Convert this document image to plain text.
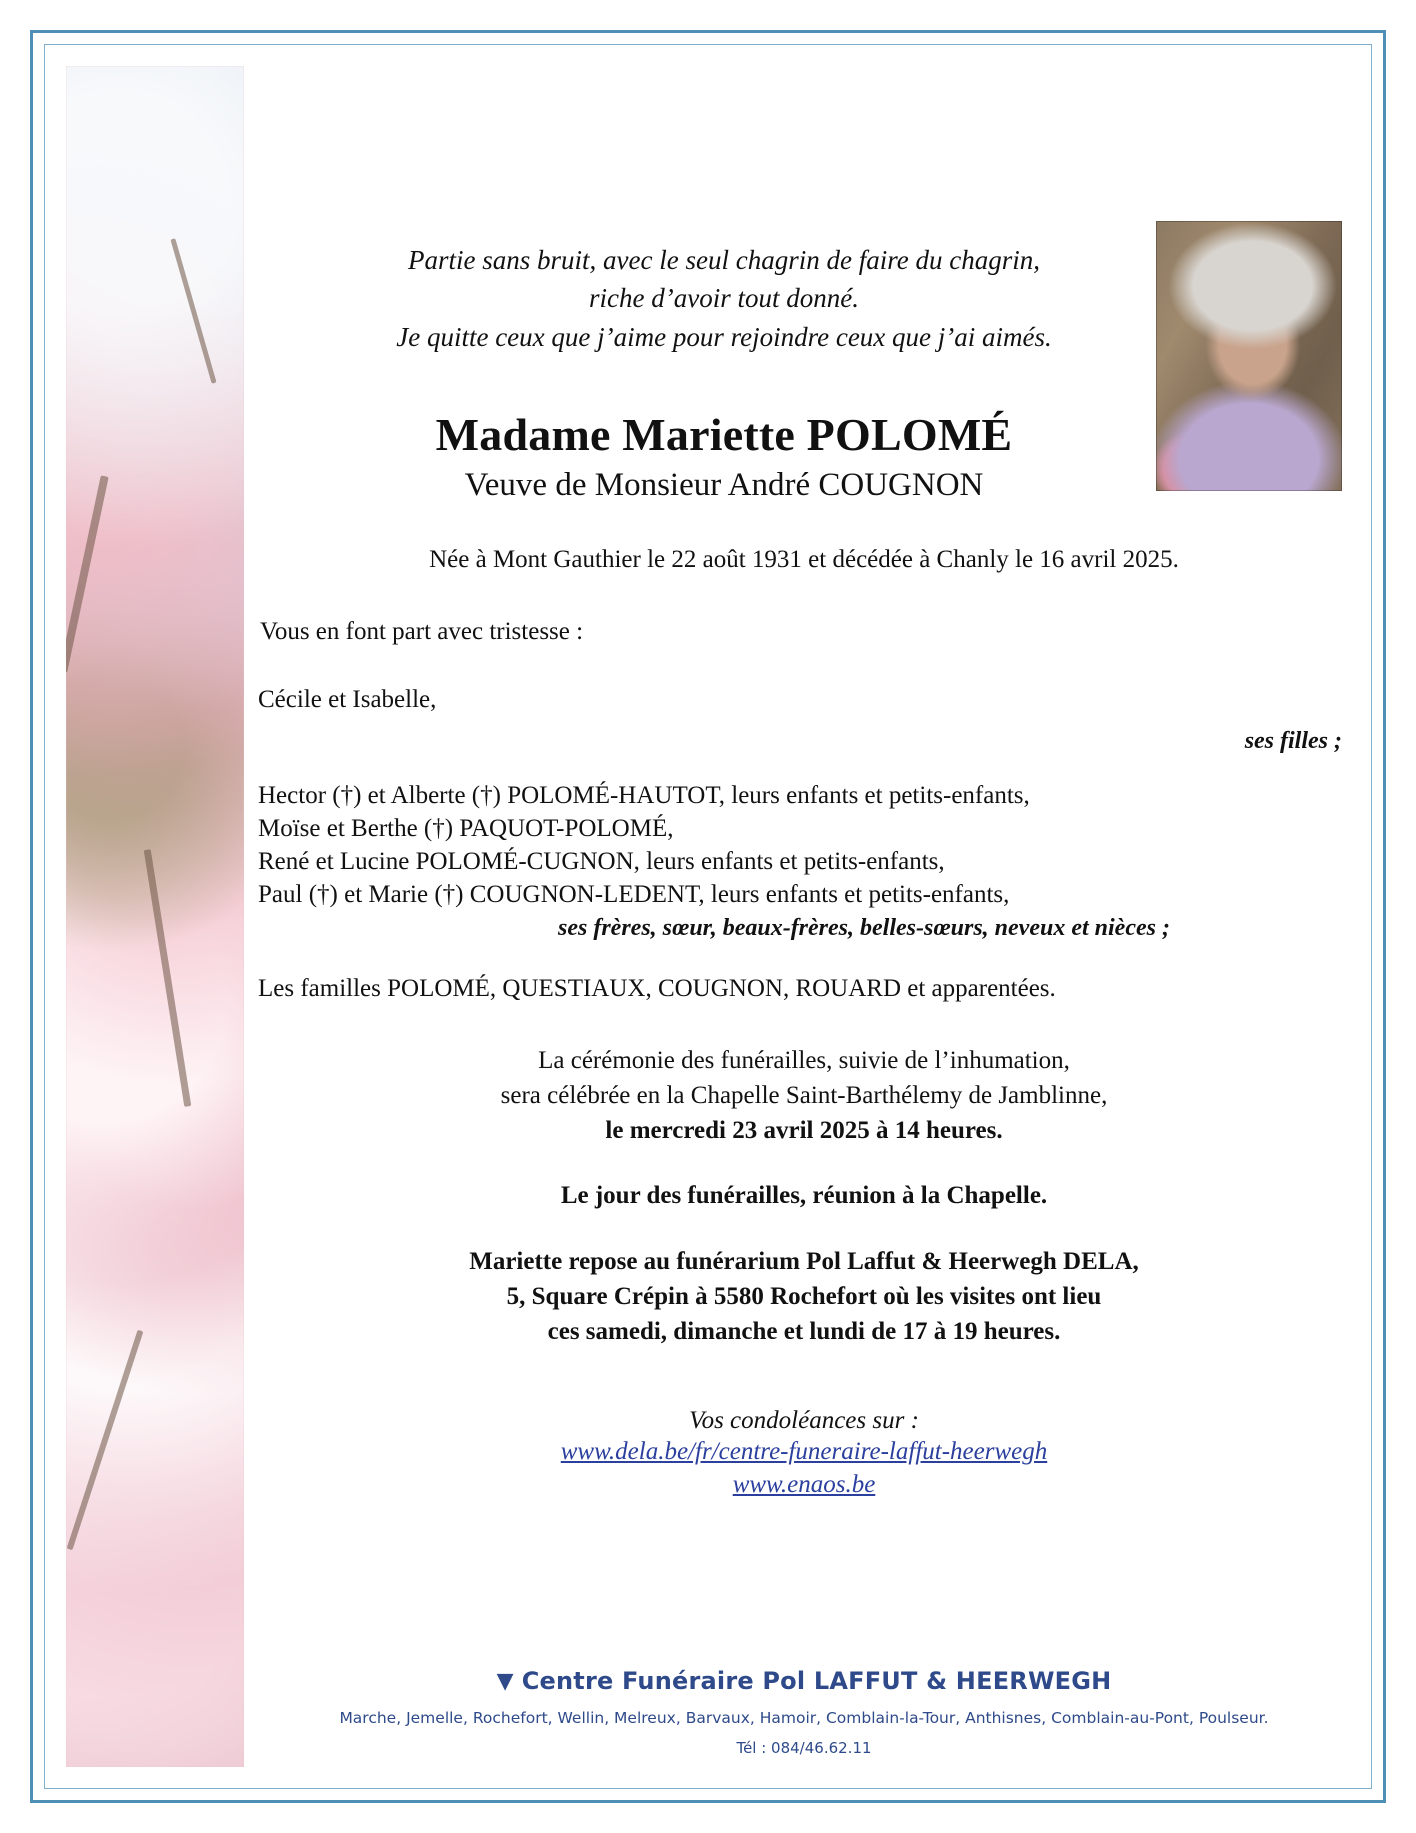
Partie sans bruit, avec le seul chagrin de faire du chagrin,
riche d’avoir tout donné.
Je quitte ceux que j’aime pour rejoindre ceux que j’ai aimés.
Madame Mariette POLOMÉ
Veuve de Monsieur André COUGNON
Née à Mont Gauthier le 22 août 1931 et décédée à Chanly le 16 avril 2025.
Vous en font part avec tristesse :
Cécile et Isabelle,
ses filles ;
Hector (†) et Alberte (†) POLOMÉ-HAUTOT, leurs enfants et petits-enfants,
Moïse et Berthe (†) PAQUOT-POLOMÉ,
René et Lucine POLOMÉ-CUGNON, leurs enfants et petits-enfants,
Paul (†) et Marie (†) COUGNON-LEDENT, leurs enfants et petits-enfants,
ses frères, sœur, beaux-frères, belles-sœurs, neveux et nièces ;
Les familles POLOMÉ, QUESTIAUX, COUGNON, ROUARD et apparentées.
La cérémonie des funérailles, suivie de l’inhumation,
sera célébrée en la Chapelle Saint-Barthélemy de Jamblinne,
le mercredi 23 avril 2025 à 14 heures.
Le jour des funérailles, réunion à la Chapelle.
Mariette repose au funérarium Pol Laffut & Heerwegh DELA,
5, Square Crépin à 5580 Rochefort où les visites ont lieu
ces samedi, dimanche et lundi de 17 à 19 heures.
Vos condoléances sur :
www.dela.be/fr/centre-funeraire-laffut-heerwegh
www.enaos.be
▼ Centre Funéraire Pol LAFFUT & HEERWEGH
Marche, Jemelle, Rochefort, Wellin, Melreux, Barvaux, Hamoir, Comblain-la-Tour, Anthisnes, Comblain-au-Pont, Poulseur.
Tél : 084/46.62.11
